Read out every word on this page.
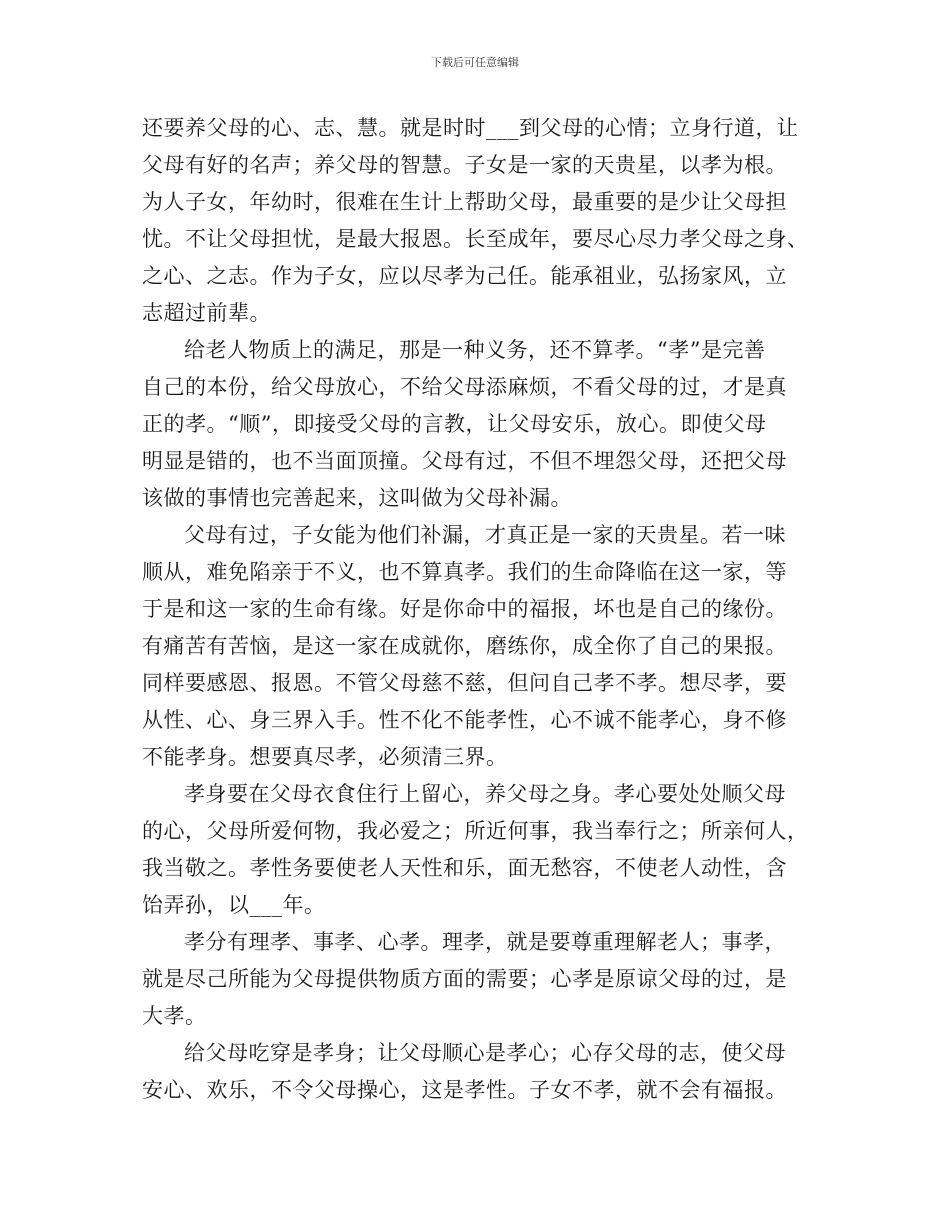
下载后可任意编辑
还要养父母的心、志、慧。就是时时___到父母的心情；立身行道，让
父母有好的名声；养父母的智慧。子女是一家的天贵星，以孝为根。
为人子女，年幼时，很难在生计上帮助父母，最重要的是少让父母担
忧。不让父母担忧，是最大报恩。长至成年，要尽心尽力孝父母之身、
之心、之志。作为子女，应以尽孝为己任。能承祖业，弘扬家风，立
志超过前辈。
给老人物质上的满足，那是一种义务，还不算孝。“孝”是完善
自己的本份，给父母放心，不给父母添麻烦，不看父母的过，才是真
正的孝。“顺”，即接受父母的言教，让父母安乐，放心。即使父母
明显是错的，也不当面顶撞。父母有过，不但不埋怨父母，还把父母
该做的事情也完善起来，这叫做为父母补漏。
父母有过，子女能为他们补漏，才真正是一家的天贵星。若一味
顺从，难免陷亲于不义，也不算真孝。我们的生命降临在这一家，等
于是和这一家的生命有缘。好是你命中的福报，坏也是自己的缘份。
有痛苦有苦恼，是这一家在成就你，磨练你，成全你了自己的果报。
同样要感恩、报恩。不管父母慈不慈，但问自己孝不孝。想尽孝，要
从性、心、身三界入手。性不化不能孝性，心不诚不能孝心，身不修
不能孝身。想要真尽孝，必须清三界。
孝身要在父母衣食住行上留心，养父母之身。孝心要处处顺父母
的心，父母所爱何物，我必爱之；所近何事，我当奉行之；所亲何人，
我当敬之。孝性务要使老人天性和乐，面无愁容，不使老人动性，含
饴弄孙，以___年。
孝分有理孝、事孝、心孝。理孝，就是要尊重理解老人；事孝，
就是尽己所能为父母提供物质方面的需要；心孝是原谅父母的过，是
大孝。
给父母吃穿是孝身；让父母顺心是孝心；心存父母的志，使父母
安心、欢乐，不令父母操心，这是孝性。子女不孝，就不会有福报。
